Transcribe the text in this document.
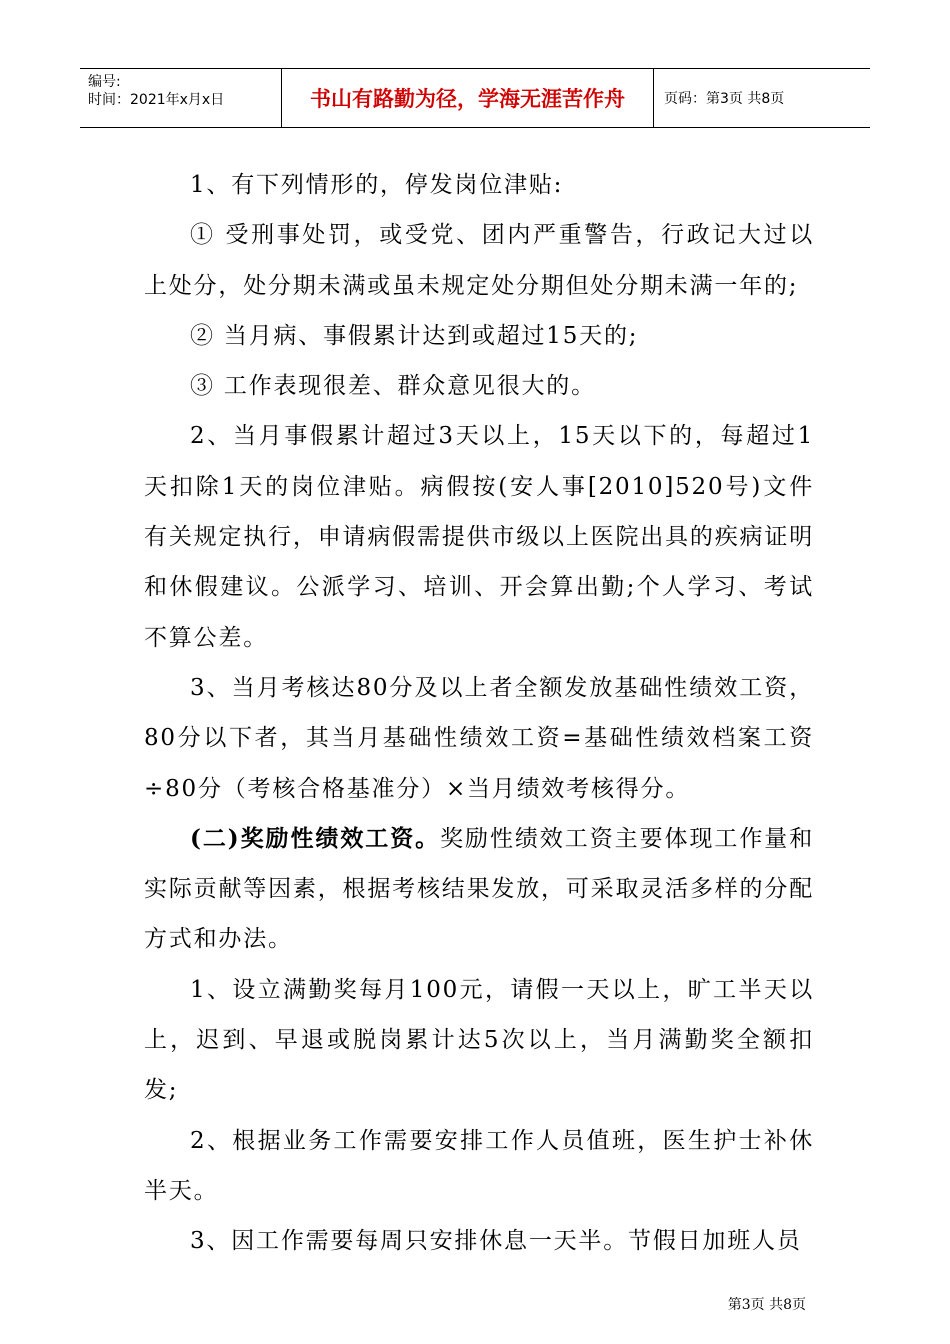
编号:
时间：2021年x月x日	书山有路勤为径，学海无涯苦作舟	页码：第3页 共8页

1、有下列情形的，停发岗位津贴:

① 受刑事处罚，或受党、团内严重警告，行政记大过以上处分，处分期未满或虽未规定处分期但处分期未满一年的;

② 当月病、事假累计达到或超过15天的;

③ 工作表现很差、群众意见很大的。

2、当月事假累计超过3天以上，15天以下的，每超过1天扣除1天的岗位津贴。病假按(安人事[2010]520号)文件有关规定执行，申请病假需提供市级以上医院出具的疾病证明和休假建议。公派学习、培训、开会算出勤;个人学习、考试不算公差。

3、当月考核达80分及以上者全额发放基础性绩效工资，80分以下者，其当月基础性绩效工资=基础性绩效档案工资÷80分（考核合格基准分）×当月绩效考核得分。

(二)奖励性绩效工资。奖励性绩效工资主要体现工作量和实际贡献等因素，根据考核结果发放，可采取灵活多样的分配方式和办法。

1、设立满勤奖每月100元，请假一天以上，旷工半天以上，迟到、早退或脱岗累计达5次以上，当月满勤奖全额扣发;

2、根据业务工作需要安排工作人员值班，医生护士补休半天。

3、因工作需要每周只安排休息一天半。节假日加班人员

第3页 共8页
